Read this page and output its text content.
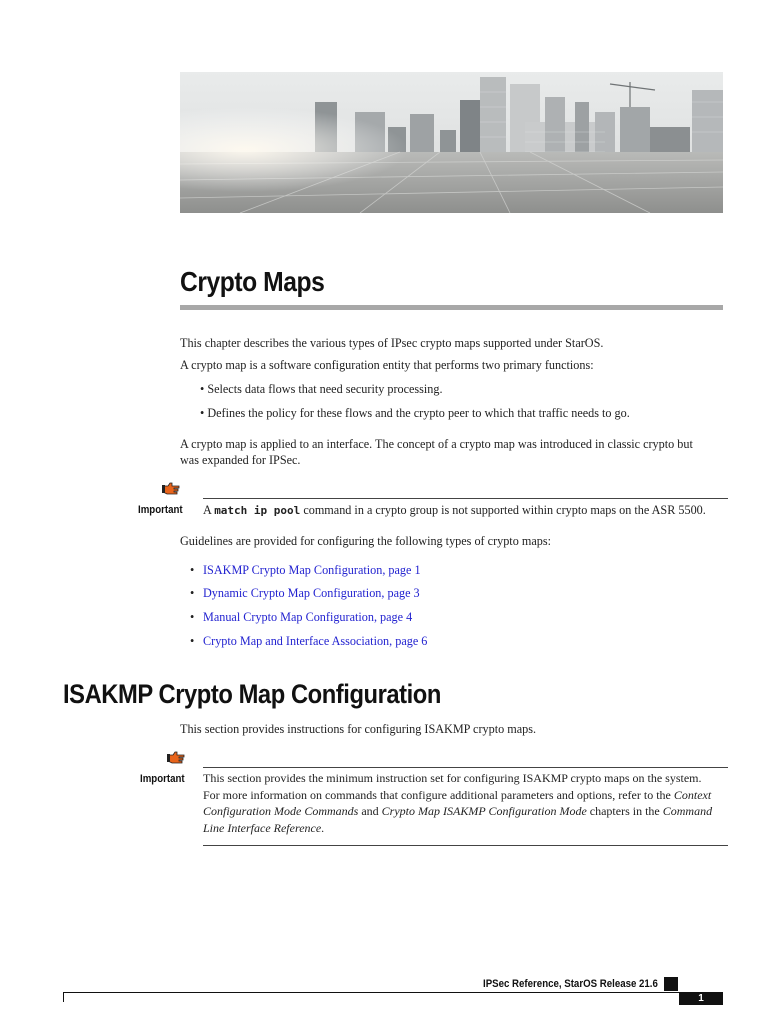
Crypto Maps

This chapter describes the various types of IPsec crypto maps supported under StarOS.

A crypto map is a software configuration entity that performs two primary functions:

• Selects data flows that need security processing.

• Defines the policy for these flows and the crypto peer to which that traffic needs to go.

A crypto map is applied to an interface. The concept of a crypto map was introduced in classic crypto but

was expanded for IPSec.

Important A match ip pool command in a crypto group is not supported within crypto maps on the ASR 5500.

Guidelines are provided for configuring the following types of crypto maps:

• ISAKMP Crypto Map Configuration, page 1
• Dynamic Crypto Map Configuration, page 3
• Manual Crypto Map Configuration, page 4
• Crypto Map and Interface Association, page 6
ISAKMP Crypto Map Configuration

This section provides instructions for configuring ISAKMP crypto maps.

Important This section provides the minimum instruction set for configuring ISAKMP crypto maps on the system.
For more information on commands that configure additional parameters and options, refer to the Context
Configuration Mode Commands and Crypto Map ISAKMP Configuration Mode chapters in the Command
Line Interface Reference.
IPSec Reference, StarOS Release 21.6
1
